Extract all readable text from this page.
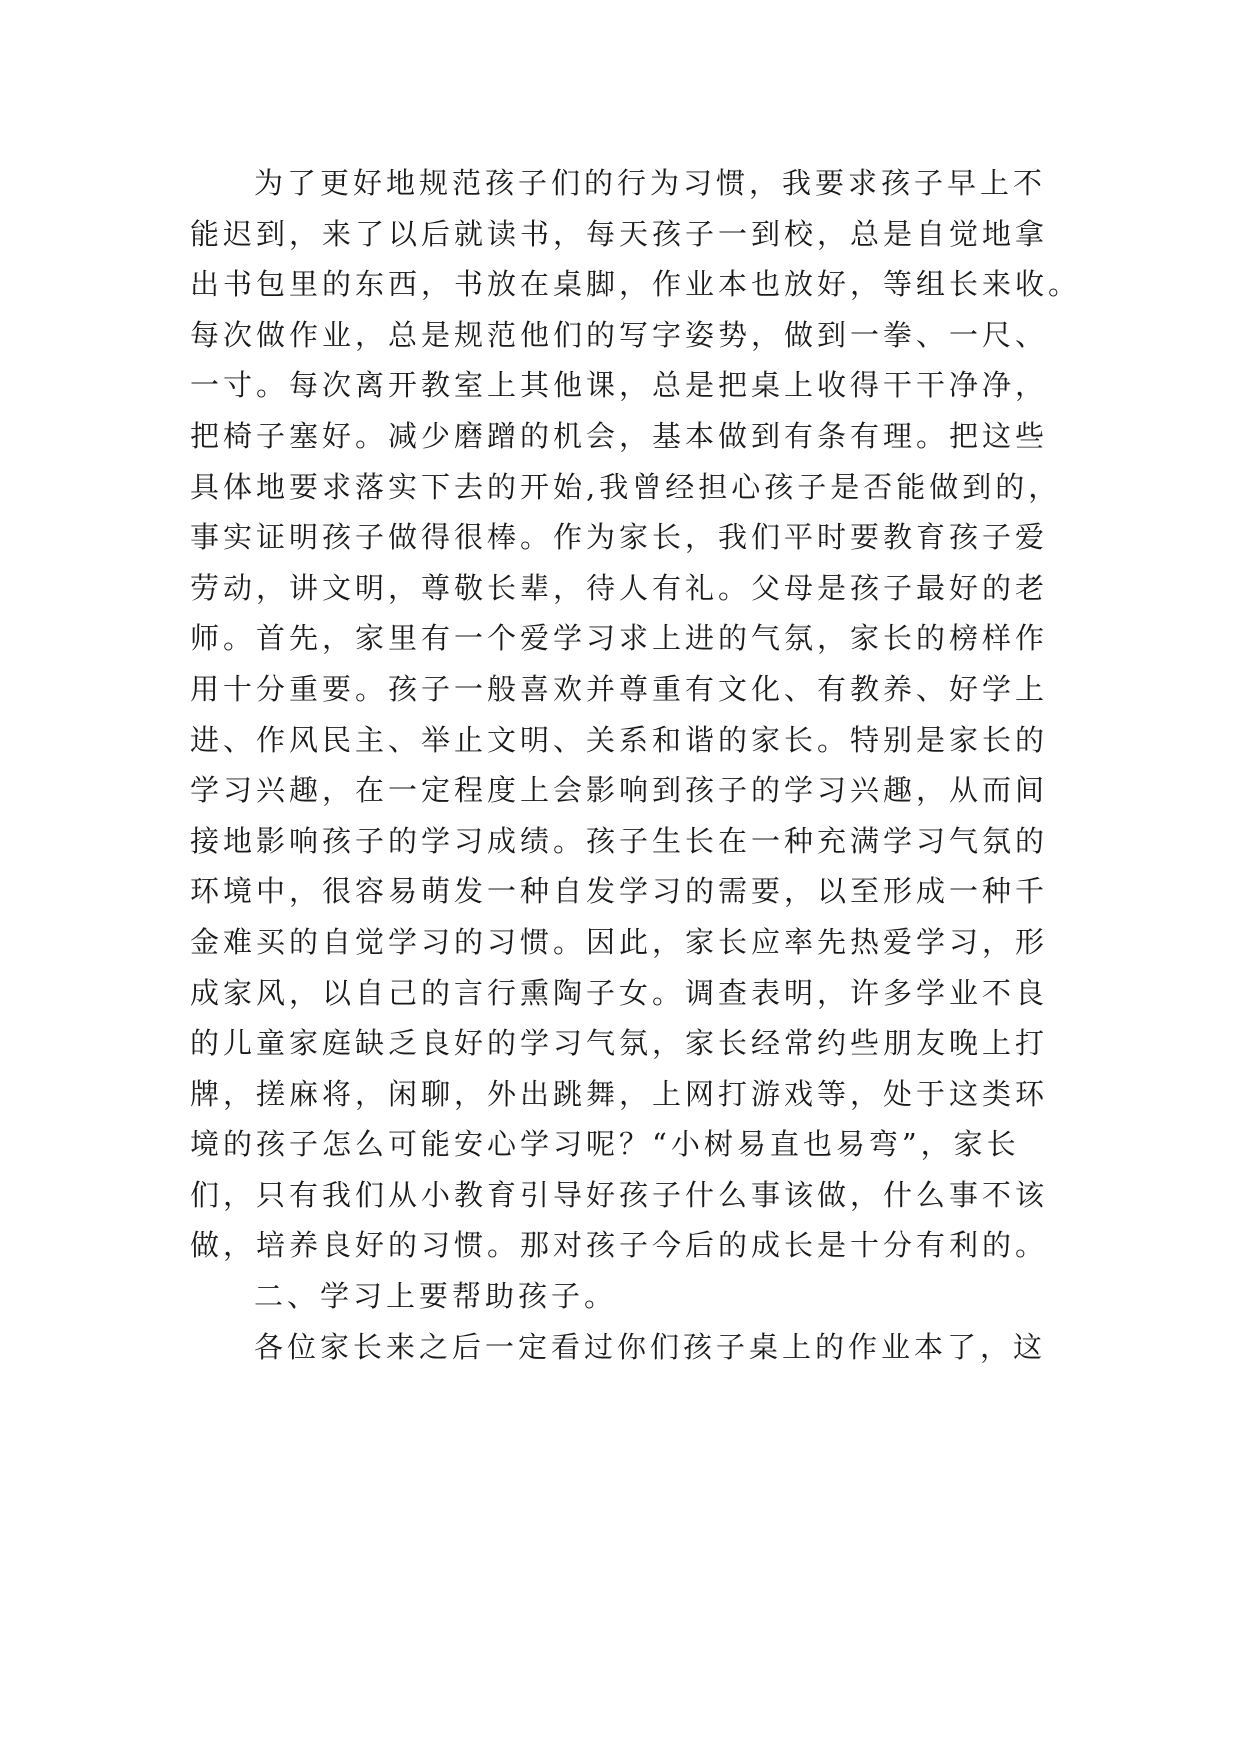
为了更好地规范孩子们的行为习惯，我要求孩子早上不
能迟到，来了以后就读书，每天孩子一到校，总是自觉地拿
出书包里的东西，书放在桌脚，作业本也放好，等组长来收。
每次做作业，总是规范他们的写字姿势，做到一拳、一尺、
一寸。每次离开教室上其他课，总是把桌上收得干干净净，
把椅子塞好。减少磨蹭的机会，基本做到有条有理。把这些
具体地要求落实下去的开始,我曾经担心孩子是否能做到的，
事实证明孩子做得很棒。作为家长，我们平时要教育孩子爱
劳动，讲文明，尊敬长辈，待人有礼。父母是孩子最好的老
师。首先，家里有一个爱学习求上进的气氛，家长的榜样作
用十分重要。孩子一般喜欢并尊重有文化、有教养、好学上
进、作风民主、举止文明、关系和谐的家长。特别是家长的
学习兴趣，在一定程度上会影响到孩子的学习兴趣，从而间
接地影响孩子的学习成绩。孩子生长在一种充满学习气氛的
环境中，很容易萌发一种自发学习的需要，以至形成一种千
金难买的自觉学习的习惯。因此，家长应率先热爱学习，形
成家风，以自己的言行熏陶子女。调查表明，许多学业不良
的儿童家庭缺乏良好的学习气氛，家长经常约些朋友晚上打
牌，搓麻将，闲聊，外出跳舞，上网打游戏等，处于这类环
境的孩子怎么可能安心学习呢？“小树易直也易弯”，家长
们，只有我们从小教育引导好孩子什么事该做，什么事不该
做，培养良好的习惯。那对孩子今后的成长是十分有利的。
二、学习上要帮助孩子。
各位家长来之后一定看过你们孩子桌上的作业本了，这
